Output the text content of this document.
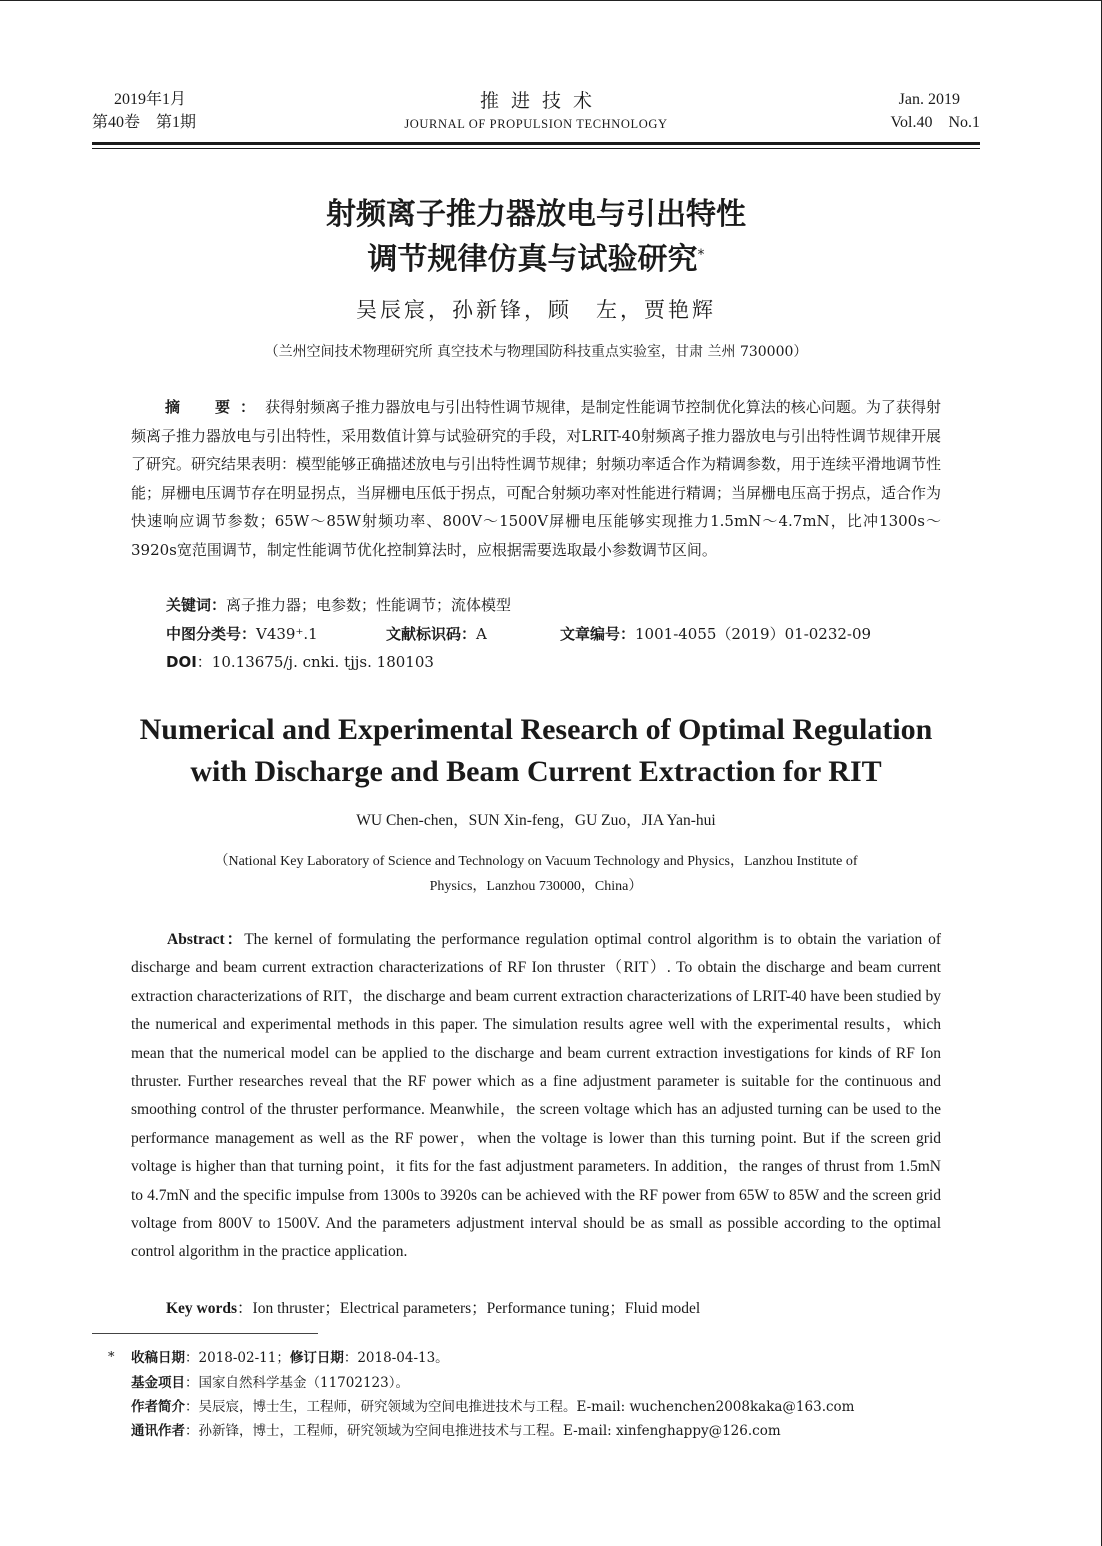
2019年1月
第40卷　第1期
推进技术
JOURNAL OF PROPULSION TECHNOLOGY
Jan. 2019
Vol.40　No.1
射频离子推力器放电与引出特性
调节规律仿真与试验研究*
吴辰宸，孙新锋，顾　左，贾艳辉
（兰州空间技术物理研究所 真空技术与物理国防科技重点实验室，甘肃 兰州 730000）
摘　要：获得射频离子推力器放电与引出特性调节规律，是制定性能调节控制优化算法的核心问题。为了获得射频离子推力器放电与引出特性，采用数值计算与试验研究的手段，对LRIT-40射频离子推力器放电与引出特性调节规律开展了研究。研究结果表明：模型能够正确描述放电与引出特性调节规律；射频功率适合作为精调参数，用于连续平滑地调节性能；屏栅电压调节存在明显拐点，当屏栅电压低于拐点，可配合射频功率对性能进行精调；当屏栅电压高于拐点，适合作为快速响应调节参数；65W～85W射频功率、800V～1500V屏栅电压能够实现推力1.5mN～4.7mN，比冲1300s～3920s宽范围调节，制定性能调节优化控制算法时，应根据需要选取最小参数调节区间。
关键词：离子推力器；电参数；性能调节；流体模型
中图分类号：V439⁺.1	文献标识码：A	文章编号：1001-4055（2019）01-0232-09
DOI：10.13675/j. cnki. tjjs. 180103
Numerical and Experimental Research of Optimal Regulation
with Discharge and Beam Current Extraction for RIT
WU Chen-chen，SUN Xin-feng，GU Zuo，JIA Yan-hui
（National Key Laboratory of Science and Technology on Vacuum Technology and Physics，Lanzhou Institute of
Physics，Lanzhou 730000，China）
Abstract：The kernel of formulating the performance regulation optimal control algorithm is to obtain the variation of discharge and beam current extraction characterizations of RF Ion thruster（RIT）. To obtain the discharge and beam current extraction characterizations of RIT，the discharge and beam current extraction characterizations of LRIT-40 have been studied by the numerical and experimental methods in this paper. The simulation results agree well with the experimental results，which mean that the numerical model can be applied to the discharge and beam current extraction investigations for kinds of RF Ion thruster. Further researches reveal that the RF power which as a fine adjustment parameter is suitable for the continuous and smoothing control of the thruster performance. Meanwhile，the screen voltage which has an adjusted turning can be used to the performance management as well as the RF power，when the voltage is lower than this turning point. But if the screen grid voltage is higher than that turning point，it fits for the fast adjustment parameters. In addition，the ranges of thrust from 1.5mN to 4.7mN and the specific impulse from 1300s to 3920s can be achieved with the RF power from 65W to 85W and the screen grid voltage from 800V to 1500V. And the parameters adjustment interval should be as small as possible according to the optimal control algorithm in the practice application.
Key words：Ion thruster；Electrical parameters；Performance tuning；Fluid model
* 收稿日期：2018-02-11；修订日期：2018-04-13。
基金项目：国家自然科学基金（11702123）。
作者简介：吴辰宸，博士生，工程师，研究领域为空间电推进技术与工程。E-mail: wuchenchen2008kaka@163.com
通讯作者：孙新锋，博士，工程师，研究领域为空间电推进技术与工程。E-mail: xinfenghappy@126.com
